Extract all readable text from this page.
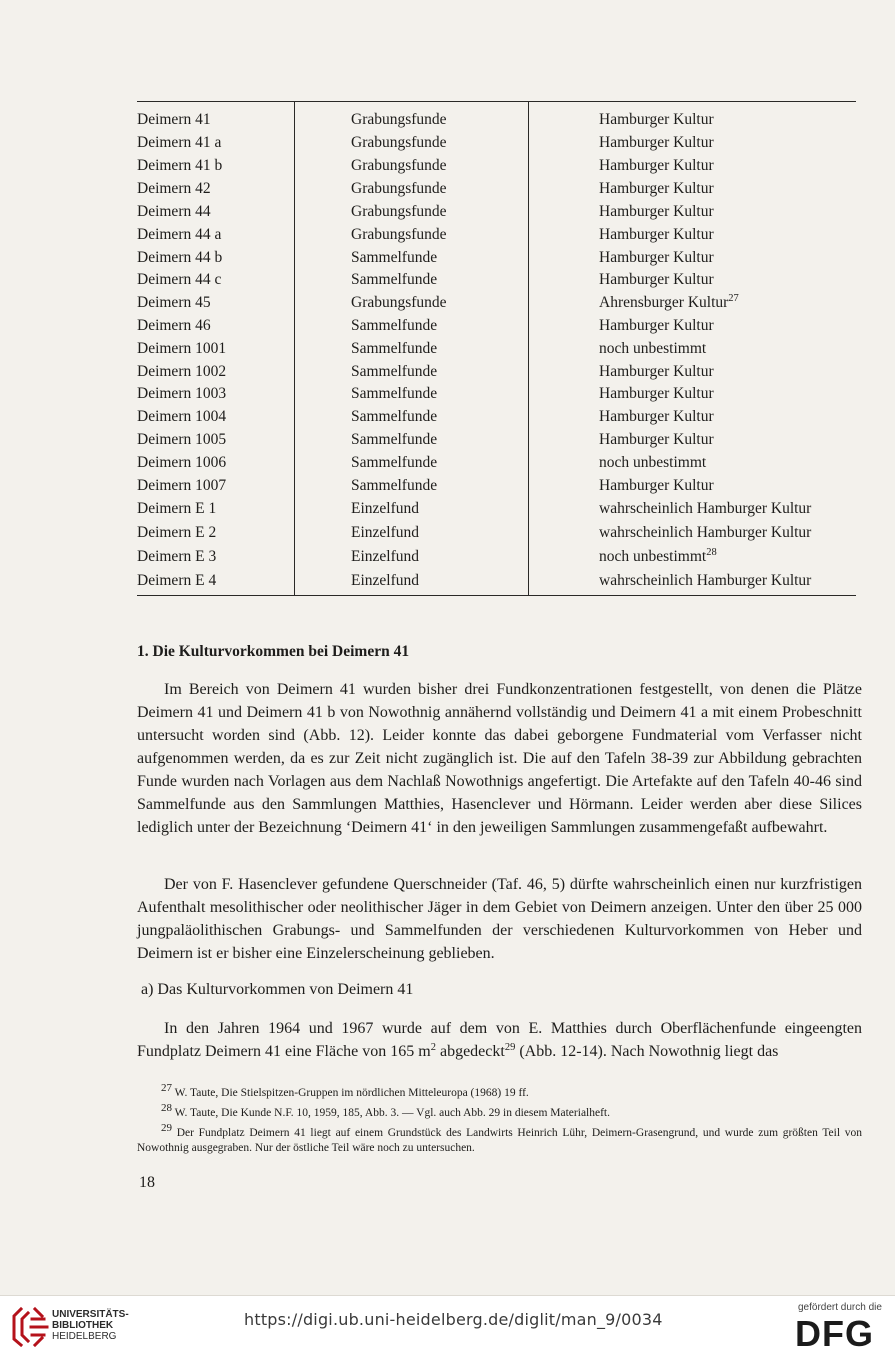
Deimern 41	Grabungsfunde	Hamburger Kultur
Deimern 41 a	Grabungsfunde	Hamburger Kultur
Deimern 41 b	Grabungsfunde	Hamburger Kultur
Deimern 42	Grabungsfunde	Hamburger Kultur
Deimern 44	Grabungsfunde	Hamburger Kultur
Deimern 44 a	Grabungsfunde	Hamburger Kultur
Deimern 44 b	Sammelfunde	Hamburger Kultur
Deimern 44 c	Sammelfunde	Hamburger Kultur
Deimern 45	Grabungsfunde	Ahrensburger Kultur$^{27}$
Deimern 46	Sammelfunde	Hamburger Kultur
Deimern 1001	Sammelfunde	noch unbestimmt
Deimern 1002	Sammelfunde	Hamburger Kultur
Deimern 1003	Sammelfunde	Hamburger Kultur
Deimern 1004	Sammelfunde	Hamburger Kultur
Deimern 1005	Sammelfunde	Hamburger Kultur
Deimern 1006	Sammelfunde	noch unbestimmt
Deimern 1007	Sammelfunde	Hamburger Kultur
Deimern E 1	Einzelfund	wahrscheinlich Hamburger Kultur
Deimern E 2	Einzelfund	wahrscheinlich Hamburger Kultur
Deimern E 3	Einzelfund	noch unbestimmt$^{28}$
Deimern E 4	Einzelfund	wahrscheinlich Hamburger Kultur
1. Die Kulturvorkommen bei Deimern 41
Im Bereich von Deimern 41 wurden bisher drei Fundkonzentrationen festgestellt, von denen die Plätze Deimern 41 und Deimern 41 b von Nowothnig annähernd vollständig und Deimern 41 a mit einem Probeschnitt untersucht worden sind (Abb. 12). Leider konnte das dabei geborgene Fundmaterial vom Verfasser nicht aufgenommen werden, da es zur Zeit nicht zugänglich ist. Die auf den Tafeln 38-39 zur Abbildung gebrachten Funde wurden nach Vorlagen aus dem Nachlaß Nowothnigs angefertigt. Die Artefakte auf den Tafeln 40-46 sind Sammelfunde aus den Sammlungen Matthies, Hasenclever und Hörmann. Leider werden aber diese Silices lediglich unter der Bezeichnung ‘Deimern 41‘ in den jeweiligen Sammlungen zusammengefaßt aufbewahrt.
Der von F. Hasenclever gefundene Querschneider (Taf. 46, 5) dürfte wahrscheinlich einen nur kurzfristigen Aufenthalt mesolithischer oder neolithischer Jäger in dem Gebiet von Deimern anzeigen. Unter den über 25 000 jungpaläolithischen Grabungs- und Sammelfunden der verschiedenen Kulturvorkommen von Heber und Deimern ist er bisher eine Einzelerscheinung geblieben.
a) Das Kulturvorkommen von Deimern 41
In den Jahren 1964 und 1967 wurde auf dem von E. Matthies durch Oberflächenfunde eingeengten Fundplatz Deimern 41 eine Fläche von 165 m$^2$ abgedeckt$^{29}$ (Abb. 12-14). Nach Nowothnig liegt das
$^{27}$ W. Taute, Die Stielspitzen-Gruppen im nördlichen Mitteleuropa (1968) 19 ff.
$^{28}$ W. Taute, Die Kunde N.F. 10, 1959, 185, Abb. 3. — Vgl. auch Abb. 29 in diesem Materialheft.
$^{29}$ Der Fundplatz Deimern 41 liegt auf einem Grundstück des Landwirts Heinrich Lühr, Deimern-Grasengrund, und wurde zum größten Teil von Nowothnig ausgegraben. Nur der östliche Teil wäre noch zu untersuchen.
18
UNIVERSITÄTS-
BIBLIOTHEK
HEIDELBERG
https://digi.ub.uni-heidelberg.de/diglit/man_9/0034
gefördert durch die
DFG
